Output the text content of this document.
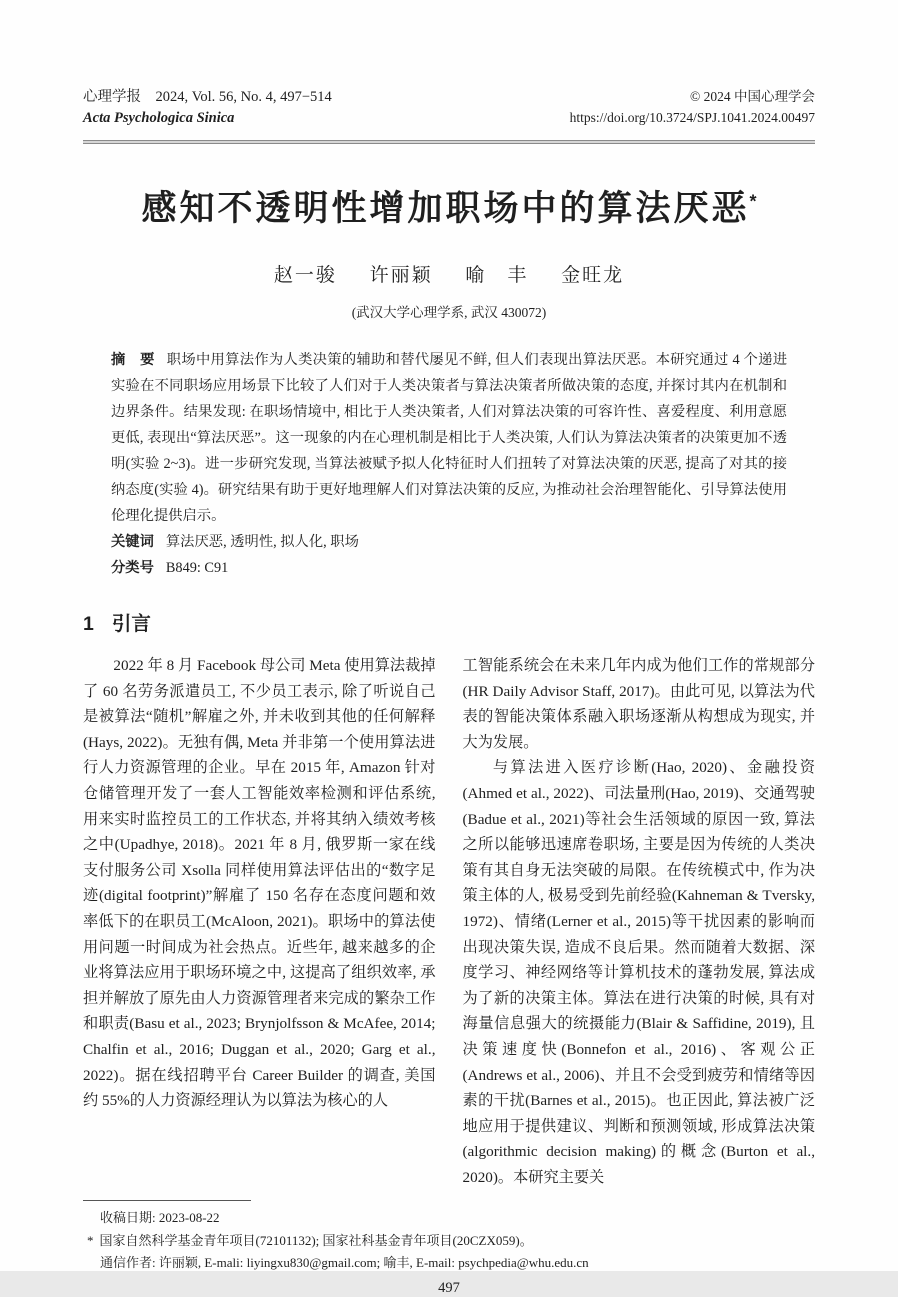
心理学报　2024, Vol. 56, No. 4, 497−514
Acta Psychologica Sinica
© 2024 中国心理学会
https://doi.org/10.3724/SPJ.1041.2024.00497
感知不透明性增加职场中的算法厌恶*
赵一骏 许丽颖 喻　丰 金旺龙
(武汉大学心理学系, 武汉 430072)
摘　要 职场中用算法作为人类决策的辅助和替代屡见不鲜, 但人们表现出算法厌恶。本研究通过 4 个递进实验在不同职场应用场景下比较了人们对于人类决策者与算法决策者所做决策的态度, 并探讨其内在机制和边界条件。结果发现: 在职场情境中, 相比于人类决策者, 人们对算法决策的可容许性、喜爱程度、利用意愿更低, 表现出“算法厌恶”。这一现象的内在心理机制是相比于人类决策, 人们认为算法决策者的决策更加不透明(实验 2~3)。进一步研究发现, 当算法被赋予拟人化特征时人们扭转了对算法决策的厌恶, 提高了对其的接纳态度(实验 4)。研究结果有助于更好地理解人们对算法决策的反应, 为推动社会治理智能化、引导算法使用伦理化提供启示。
关键词 算法厌恶, 透明性, 拟人化, 职场
分类号 B849: C91
1 引言

2022 年 8 月 Facebook 母公司 Meta 使用算法裁掉了 60 名劳务派遣员工, 不少员工表示, 除了听说自己是被算法“随机”解雇之外, 并未收到其他的任何解释(Hays, 2022)。无独有偶, Meta 并非第一个使用算法进行人力资源管理的企业。早在 2015 年, Amazon 针对仓储管理开发了一套人工智能效率检测和评估系统, 用来实时监控员工的工作状态, 并将其纳入绩效考核之中(Upadhye, 2018)。2021 年 8 月, 俄罗斯一家在线支付服务公司 Xsolla 同样使用算法评估出的“数字足迹(digital footprint)”解雇了 150 名存在态度问题和效率低下的在职员工(McAloon, 2021)。职场中的算法使用问题一时间成为社会热点。近些年, 越来越多的企业将算法应用于职场环境之中, 这提高了组织效率, 承担并解放了原先由人力资源管理者来完成的繁杂工作和职责(Basu et al., 2023; Brynjolfsson & McAfee, 2014; Chalfin et al., 2016; Duggan et al., 2020; Garg et al., 2022)。据在线招聘平台 Career Builder 的调查, 美国约 55%的人力资源经理认为以算法为核心的人

工智能系统会在未来几年内成为他们工作的常规部分(HR Daily Advisor Staff, 2017)。由此可见, 以算法为代表的智能决策体系融入职场逐渐从构想成为现实, 并大为发展。

与算法进入医疗诊断(Hao, 2020)、金融投资(Ahmed et al., 2022)、司法量刑(Hao, 2019)、交通驾驶(Badue et al., 2021)等社会生活领域的原因一致, 算法之所以能够迅速席卷职场, 主要是因为传统的人类决策有其自身无法突破的局限。在传统模式中, 作为决策主体的人, 极易受到先前经验(Kahneman & Tversky, 1972)、情绪(Lerner et al., 2015)等干扰因素的影响而出现决策失误, 造成不良后果。然而随着大数据、深度学习、神经网络等计算机技术的蓬勃发展, 算法成为了新的决策主体。算法在进行决策的时候, 具有对海量信息强大的统摄能力(Blair & Saffidine, 2019), 且决策速度快(Bonnefon et al., 2016)、客观公正(Andrews et al., 2006)、并且不会受到疲劳和情绪等因素的干扰(Barnes et al., 2015)。也正因此, 算法被广泛地应用于提供建议、判断和预测领域, 形成算法决策(algorithmic decision making)的概念(Burton et al., 2020)。本研究主要关

收稿日期: 2023-08-22
* 国家自然科学基金青年项目(72101132); 国家社科基金青年项目(20CZX059)。
通信作者: 许丽颖, E-mali: liyingxu830@gmail.com; 喻丰, E-mail: psychpedia@whu.edu.cn
497
